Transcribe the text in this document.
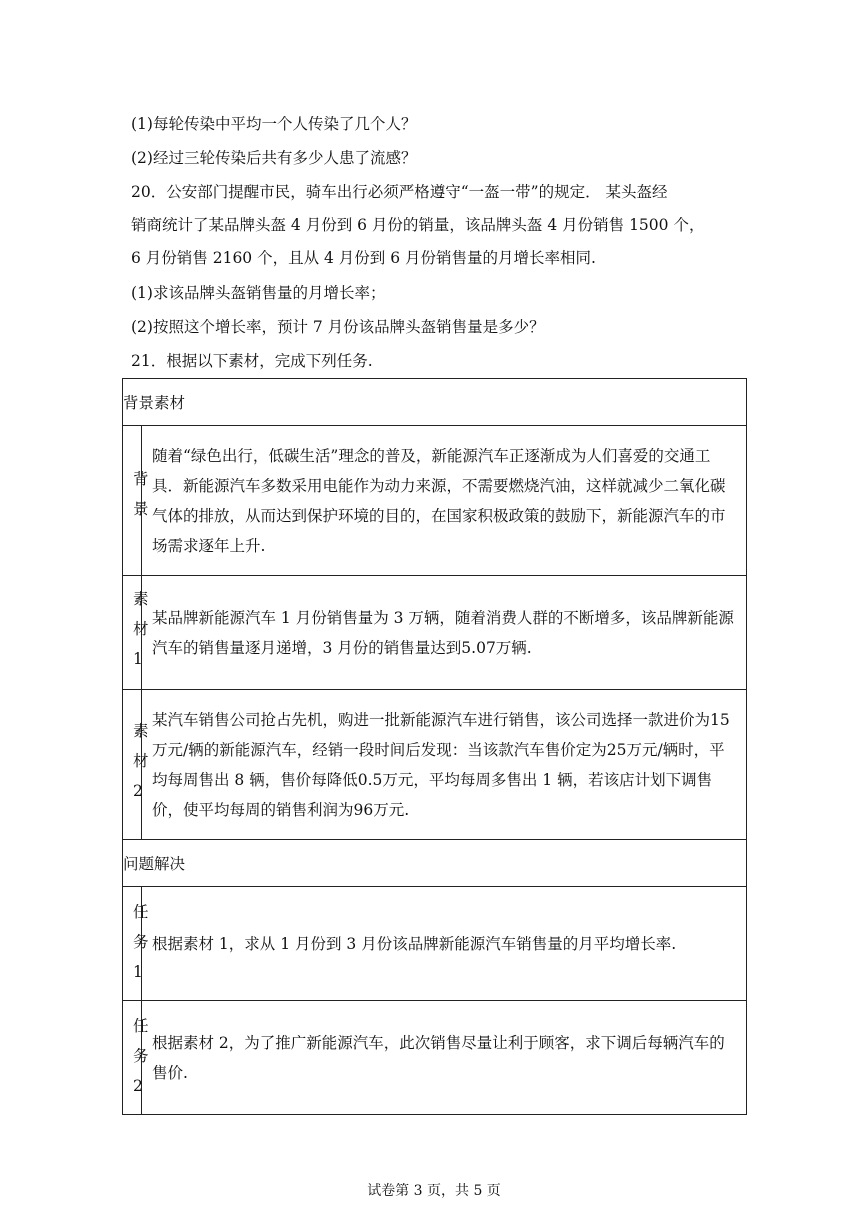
(1)每轮传染中平均一个人传染了几个人？
(2)经过三轮传染后共有多少人患了流感？
20．公安部门提醒市民，骑车出行必须严格遵守“一盔一带”的规定． 某头盔经
销商统计了某品牌头盔 4 月份到 6 月份的销量，该品牌头盔 4 月份销售 1500 个，
6 月份销售 2160 个，且从 4 月份到 6 月份销售量的月增长率相同.
(1)求该品牌头盔销售量的月增长率；
(2)按照这个增长率，预计 7 月份该品牌头盔销售量是多少？
21．根据以下素材，完成下列任务.
背景素材	

背景	随着“绿色出行，低碳生活”理念的普及，新能源汽车正逐渐成为人们喜爱的交通工具．新能源汽车多数采用电能作为动力来源，不需要燃烧汽油，这样就减少二氧化碳气体的排放，从而达到保护环境的目的，在国家积极政策的鼓励下，新能源汽车的市场需求逐年上升.

素材1	某品牌新能源汽车 1 月份销售量为 3 万辆，随着消费人群的不断增多，该品牌新能源汽车的销售量逐月递增，3 月份的销售量达到5.07万辆.

素材2	某汽车销售公司抢占先机，购进一批新能源汽车进行销售，该公司选择一款进价为15万元/辆的新能源汽车，经销一段时间后发现：当该款汽车售价定为25万元/辆时，平均每周售出 8 辆，售价每降低0.5万元，平均每周多售出 1 辆，若该店计划下调售价，使平均每周的销售利润为96万元.
问题解决	

任务1	根据素材 1，求从 1 月份到 3 月份该品牌新能源汽车销售量的月平均增长率.

任务2	根据素材 2，为了推广新能源汽车，此次销售尽量让利于顾客，求下调后每辆汽车的售价.
试卷第 3 页，共 5 页
